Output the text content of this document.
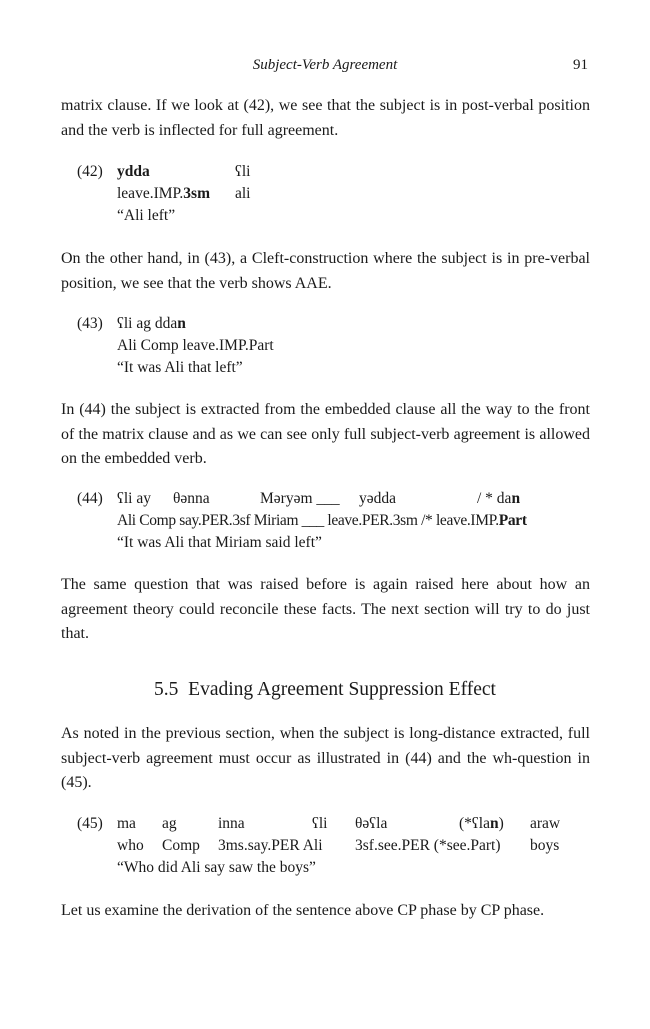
Subject-Verb Agreement	91

matrix clause. If we look at (42), we see that the subject is in post-verbal position and the verb is inflected for full agreement.

(42) ydda	ʕli
leave.IMP.3sm ali
“Ali left”

On the other hand, in (43), a Cleft-construction where the subject is in pre-verbal position, we see that the verb shows AAE.

(43) ʕli ag ddan
Ali Comp leave.IMP.Part
“It was Ali that left”

In (44) the subject is extracted from the embedded clause all the way to the front of the matrix clause and as we can see only full subject-verb agreement is allowed on the embedded verb.

(44) ʕli ay θənna	Məryəm ___ yədda	/ * dan
Ali Comp say.PER.3sf Miriam ___ leave.PER.3sm /* leave.IMP.Part
“It was Ali that Miriam said left”

The same question that was raised before is again raised here about how an agreement theory could reconcile these facts. The next section will try to do just that.

5.5 Evading Agreement Suppression Effect

As noted in the previous section, when the subject is long-distance extracted, full subject-verb agreement must occur as illustrated in (44) and the wh-question in (45).

(45) ma ag	inna	ʕli θəʕla	(*ʕlan) araw
who Comp 3ms.say.PER Ali 3sf.see.PER (*see.Part) boys
“Who did Ali say saw the boys”

Let us examine the derivation of the sentence above CP phase by CP phase.
